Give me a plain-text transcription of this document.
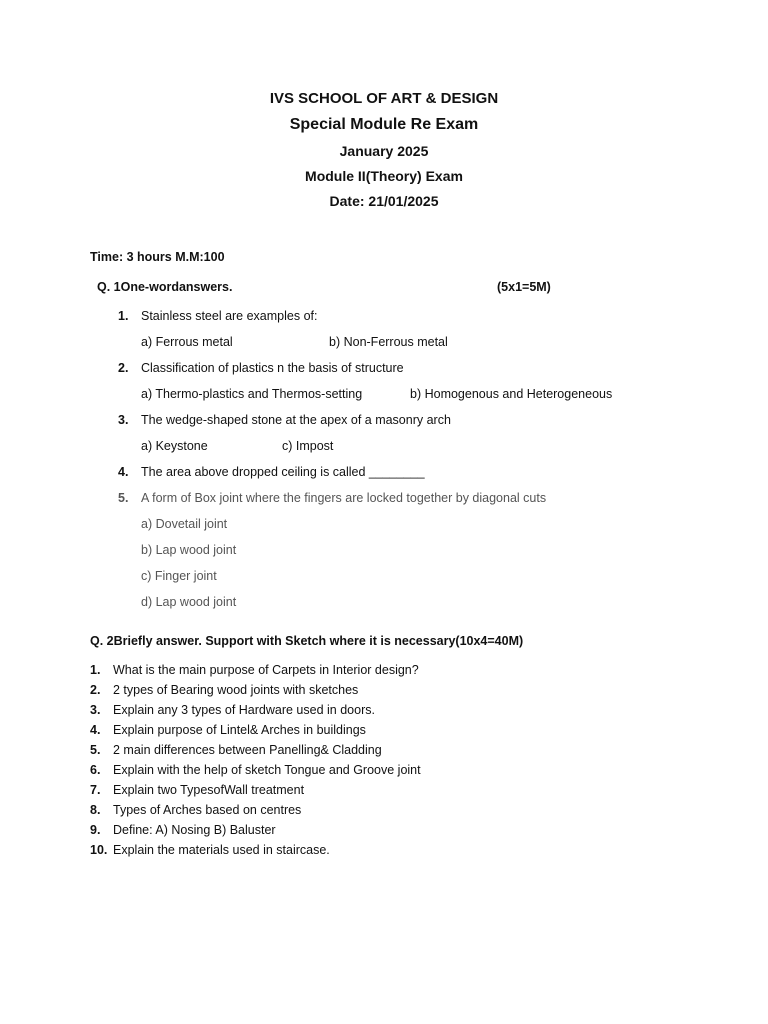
IVS SCHOOL OF ART & DESIGN
Special Module Re Exam
January 2025
Module II(Theory) Exam
Date: 21/01/2025
Time: 3 hours M.M:100
Q. 1One-wordanswers.	(5x1=5M)
1. Stainless steel are examples of:
a) Ferrous metal	b) Non-Ferrous metal
2. Classification of plastics n the basis of structure
a) Thermo-plastics and Thermos-setting	b) Homogenous and Heterogeneous
3. The wedge-shaped stone at the apex of a masonry arch
a) Keystone	c) Impost
4. The area above dropped ceiling is called ________
5. A form of Box joint where the fingers are locked together by diagonal cuts
a) Dovetail joint
b) Lap wood joint
c) Finger joint
d) Lap wood joint
Q. 2Briefly answer. Support with Sketch where it is necessary(10x4=40M)
1. What is the main purpose of Carpets in Interior design?
2. 2 types of Bearing wood joints with sketches
3. Explain any 3 types of Hardware used in doors.
4. Explain purpose of Lintel& Arches in buildings
5. 2 main differences between Panelling& Cladding
6. Explain with the help of sketch Tongue and Groove joint
7. Explain two TypesofWall treatment
8. Types of Arches based on centres
9. Define: A) Nosing B) Baluster
10. Explain the materials used in staircase.
